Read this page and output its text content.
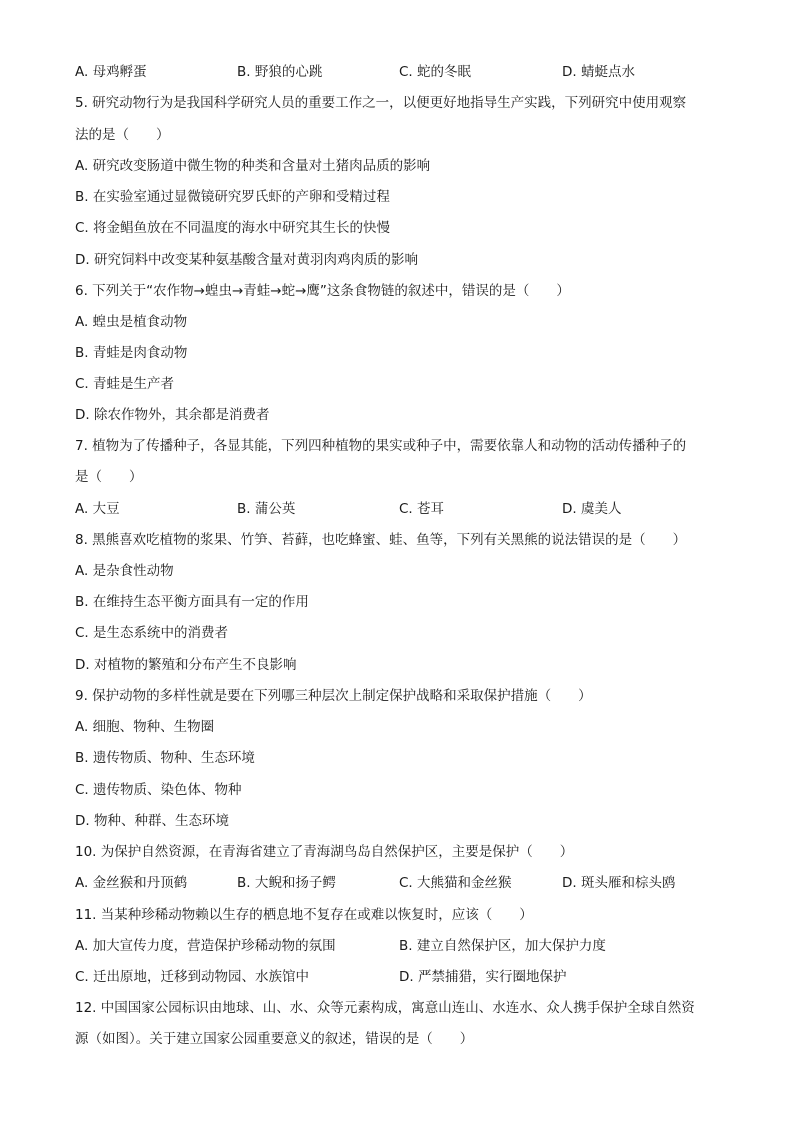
A. 母鸡孵蛋	B. 野狼的心跳	C. 蛇的冬眠	D. 蜻蜓点水
5. 研究动物行为是我国科学研究人员的重要工作之一，以便更好地指导生产实践，下列研究中使用观察
法的是（　　）
A. 研究改变肠道中微生物的种类和含量对土猪肉品质的影响
B. 在实验室通过显微镜研究罗氏虾的产卵和受精过程
C. 将金鲳鱼放在不同温度的海水中研究其生长的快慢
D. 研究饲料中改变某种氨基酸含量对黄羽肉鸡肉质的影响
6. 下列关于“农作物→蝗虫→青蛙→蛇→鹰”这条食物链的叙述中，错误的是（　　）
A. 蝗虫是植食动物
B. 青蛙是肉食动物
C. 青蛙是生产者
D. 除农作物外，其余都是消费者
7. 植物为了传播种子，各显其能，下列四种植物的果实或种子中，需要依靠人和动物的活动传播种子的
是（　　）
A. 大豆	B. 蒲公英	C. 苍耳	D. 虞美人
8. 黑熊喜欢吃植物的浆果、竹笋、苔藓，也吃蜂蜜、蛙、鱼等，下列有关黑熊的说法错误的是（　　）
A. 是杂食性动物
B. 在维持生态平衡方面具有一定的作用
C. 是生态系统中的消费者
D. 对植物的繁殖和分布产生不良影响
9. 保护动物的多样性就是要在下列哪三种层次上制定保护战略和采取保护措施（　　）
A. 细胞、物种、生物圈
B. 遗传物质、物种、生态环境
C. 遗传物质、染色体、物种
D. 物种、种群、生态环境
10. 为保护自然资源，在青海省建立了青海湖鸟岛自然保护区，主要是保护（　　）
A. 金丝猴和丹顶鹤	B. 大鲵和扬子鳄	C. 大熊猫和金丝猴	D. 斑头雁和棕头鸥
11. 当某种珍稀动物赖以生存的栖息地不复存在或难以恢复时，应该（　　）
A. 加大宣传力度，营造保护珍稀动物的氛围	B. 建立自然保护区，加大保护力度
C. 迁出原地，迁移到动物园、水族馆中	D. 严禁捕猎，实行圈地保护
12. 中国国家公园标识由地球、山、水、众等元素构成，寓意山连山、水连水、众人携手保护全球自然资
源（如图）。关于建立国家公园重要意义的叙述，错误的是（　　）
